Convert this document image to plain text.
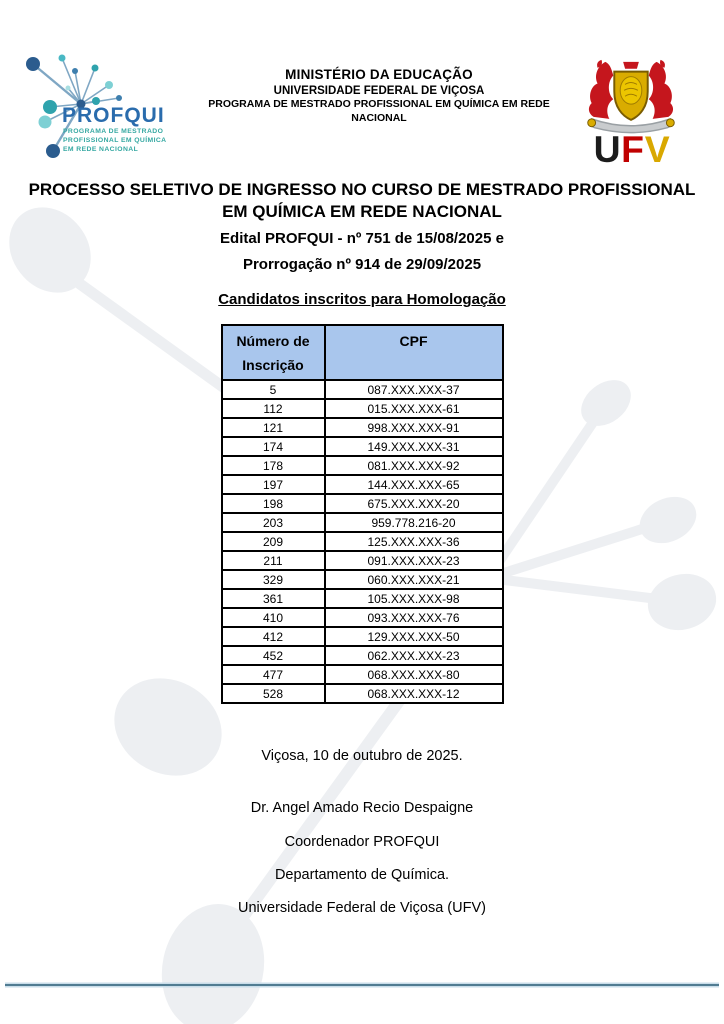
PROFQUI
PROGRAMA DE MESTRADO
PROFISSIONAL EM QUÍMICA
EM REDE NACIONAL
MINISTÉRIO DA EDUCAÇÃO
UNIVERSIDADE FEDERAL DE VIÇOSA
PROGRAMA DE MESTRADO PROFISSIONAL EM QUÍMICA EM REDE
NACIONAL
U F V
PROCESSO SELETIVO DE INGRESSO NO CURSO DE MESTRADO PROFISSIONAL
EM QUÍMICA EM REDE NACIONAL
Edital PROFQUI - nº 751 de 15/08/2025 e
Prorrogação nº 914 de 29/09/2025
Candidatos inscritos para Homologação
Número de
Inscrição	CPF
5	087.XXX.XXX-37
112	015.XXX.XXX-61
121	998.XXX.XXX-91
174	149.XXX.XXX-31
178	081.XXX.XXX-92
197	144.XXX.XXX-65
198	675.XXX.XXX-20
203	959.778.216-20
209	125.XXX.XXX-36
211	091.XXX.XXX-23
329	060.XXX.XXX-21
361	105.XXX.XXX-98
410	093.XXX.XXX-76
412	129.XXX.XXX-50
452	062.XXX.XXX-23
477	068.XXX.XXX-80
528	068.XXX.XXX-12
Viçosa, 10 de outubro de 2025.
Dr. Angel Amado Recio Despaigne
Coordenador PROFQUI
Departamento de Química.
Universidade Federal de Viçosa (UFV)
